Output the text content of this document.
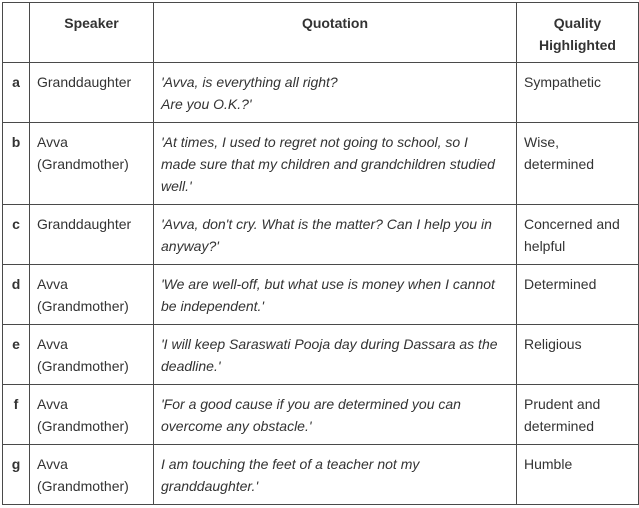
	Speaker	Quotation	Quality
Highlighted

a	Granddaughter	'Avva, is everything all right?
Are you O.K.?'	Sympathetic

b	Avva
(Grandmother)	'At times, I used to regret not going to school, so I
made sure that my children and grandchildren studied
well.'	Wise, determined

c	Granddaughter	'Avva, don't cry. What is the matter? Can I help you in
anyway?'	Concerned and
helpful

d	Avva
(Grandmother)	'We are well-off, but what use is money when I cannot
be independent.'	Determined

e	Avva
(Grandmother)	'I will keep Saraswati Pooja day during Dassara as the
deadline.'	Religious

f	Avva
(Grandmother)	'For a good cause if you are determined you can
overcome any obstacle.'	Prudent and
determined

g	Avva
(Grandmother)	I am touching the feet of a teacher not my
granddaughter.'	Humble
